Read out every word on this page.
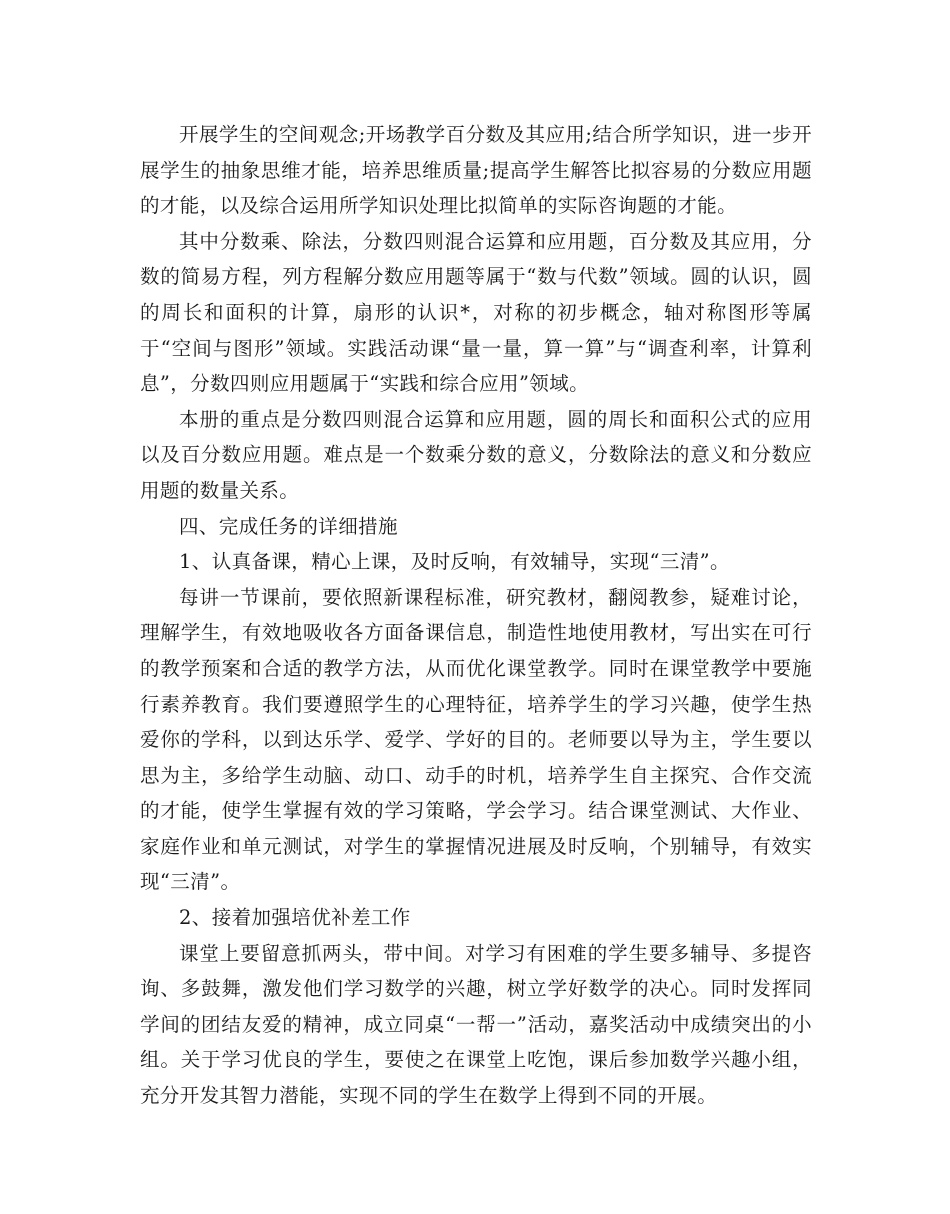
开展学生的空间观念;开场教学百分数及其应用;结合所学知识，进一步开展学生的抽象思维才能，培养思维质量;提高学生解答比拟容易的分数应用题的才能，以及综合运用所学知识处理比拟简单的实际咨询题的才能。

其中分数乘、除法，分数四则混合运算和应用题，百分数及其应用，分数的简易方程，列方程解分数应用题等属于“数与代数”领域。圆的认识，圆的周长和面积的计算，扇形的认识*，对称的初步概念，轴对称图形等属于“空间与图形”领域。实践活动课“量一量，算一算”与“调查利率，计算利息”，分数四则应用题属于“实践和综合应用”领域。

本册的重点是分数四则混合运算和应用题，圆的周长和面积公式的应用以及百分数应用题。难点是一个数乘分数的意义，分数除法的意义和分数应用题的数量关系。

四、完成任务的详细措施

1、认真备课，精心上课，及时反响，有效辅导，实现“三清”。

每讲一节课前，要依照新课程标准，研究教材，翻阅教参，疑难讨论，理解学生，有效地吸收各方面备课信息，制造性地使用教材，写出实在可行的教学预案和合适的教学方法，从而优化课堂教学。同时在课堂教学中要施行素养教育。我们要遵照学生的心理特征，培养学生的学习兴趣，使学生热爱你的学科，以到达乐学、爱学、学好的目的。老师要以导为主，学生要以思为主，多给学生动脑、动口、动手的时机，培养学生自主探究、合作交流的才能，使学生掌握有效的学习策略，学会学习。结合课堂测试、大作业、家庭作业和单元测试，对学生的掌握情况进展及时反响，个别辅导，有效实现“三清”。

2、接着加强培优补差工作

课堂上要留意抓两头，带中间。对学习有困难的学生要多辅导、多提咨询、多鼓舞，激发他们学习数学的兴趣，树立学好数学的决心。同时发挥同学间的团结友爱的精神，成立同桌“一帮一”活动，嘉奖活动中成绩突出的小组。关于学习优良的学生，要使之在课堂上吃饱，课后参加数学兴趣小组，充分开发其智力潜能，实现不同的学生在数学上得到不同的开展。
